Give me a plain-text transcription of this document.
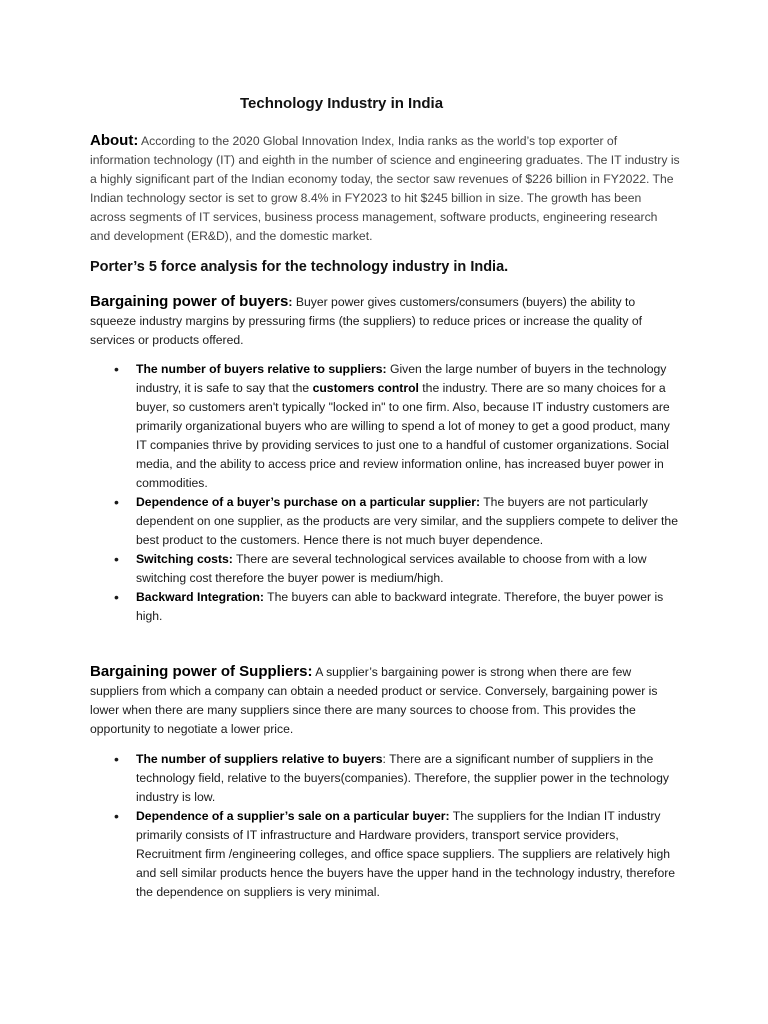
Technology Industry in India

About: According to the 2020 Global Innovation Index, India ranks as the world’s top exporter of information technology (IT) and eighth in the number of science and engineering graduates. The IT industry is a highly significant part of the Indian economy today, the sector saw revenues of $226 billion in FY2022. The Indian technology sector is set to grow 8.4% in FY2023 to hit $245 billion in size. The growth has been across segments of IT services, business process management, software products, engineering research and development (ER&D), and the domestic market.

Porter’s 5 force analysis for the technology industry in India.

Bargaining power of buyers: Buyer power gives customers/consumers (buyers) the ability to squeeze industry margins by pressuring firms (the suppliers) to reduce prices or increase the quality of services or products offered.

• The number of buyers relative to suppliers: Given the large number of buyers in the technology industry, it is safe to say that the customers control the industry. There are so many choices for a buyer, so customers aren't typically "locked in" to one firm. Also, because IT industry customers are primarily organizational buyers who are willing to spend a lot of money to get a good product, many IT companies thrive by providing services to just one to a handful of customer organizations. Social media, and the ability to access price and review information online, has increased buyer power in commodities.
• Dependence of a buyer’s purchase on a particular supplier: The buyers are not particularly dependent on one supplier, as the products are very similar, and the suppliers compete to deliver the best product to the customers. Hence there is not much buyer dependence.
• Switching costs: There are several technological services available to choose from with a low switching cost therefore the buyer power is medium/high.
• Backward Integration: The buyers can able to backward integrate. Therefore, the buyer power is high.

Bargaining power of Suppliers: A supplier’s bargaining power is strong when there are few suppliers from which a company can obtain a needed product or service. Conversely, bargaining power is lower when there are many suppliers since there are many sources to choose from. This provides the opportunity to negotiate a lower price.

• The number of suppliers relative to buyers: There are a significant number of suppliers in the technology field, relative to the buyers(companies). Therefore, the supplier power in the technology industry is low.
• Dependence of a supplier’s sale on a particular buyer: The suppliers for the Indian IT industry primarily consists of IT infrastructure and Hardware providers, transport service providers, Recruitment firm /engineering colleges, and office space suppliers. The suppliers are relatively high and sell similar products hence the buyers have the upper hand in the technology industry, therefore the dependence on suppliers is very minimal.
